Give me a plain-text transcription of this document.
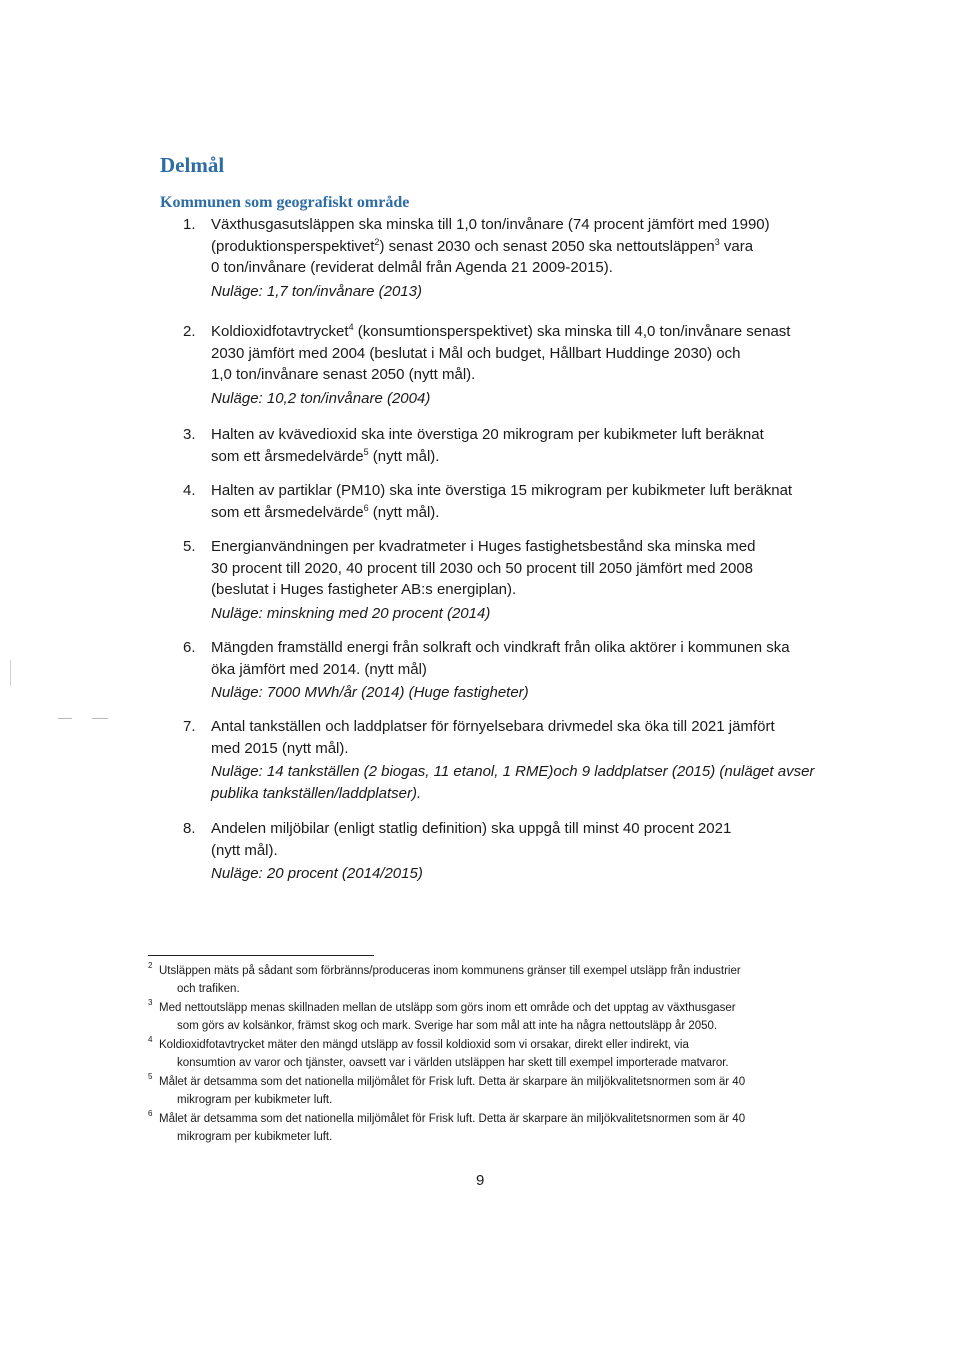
Delmål
Kommunen som geografiskt område
1. Växthusgasutsläppen ska minska till 1,0 ton/invånare (74 procent jämfört med 1990)

(produktionsperspektivet$^2$) senast 2030 och senast 2050 ska nettoutsläppen$^3$ vara

0 ton/invånare (reviderat delmål från Agenda 21 2009-2015).

Nuläge: 1,7 ton/invånare (2013)

2. Koldioxidfotavtrycket$^4$ (konsumtionsperspektivet) ska minska till 4,0 ton/invånare senast

2030 jämfört med 2004 (beslutat i Mål och budget, Hållbart Huddinge 2030) och

1,0 ton/invånare senast 2050 (nytt mål).

Nuläge: 10,2 ton/invånare (2004)

3. Halten av kvävedioxid ska inte överstiga 20 mikrogram per kubikmeter luft beräknat

som ett årsmedelvärde$^5$ (nytt mål).

4. Halten av partiklar (PM10) ska inte överstiga 15 mikrogram per kubikmeter luft beräknat

som ett årsmedelvärde$^6$ (nytt mål).

5. Energianvändningen per kvadratmeter i Huges fastighetsbestånd ska minska med

30 procent till 2020, 40 procent till 2030 och 50 procent till 2050 jämfört med 2008

(beslutat i Huges fastigheter AB:s energiplan).

Nuläge: minskning med 20 procent (2014)

6. Mängden framställd energi från solkraft och vindkraft från olika aktörer i kommunen ska

öka jämfört med 2014. (nytt mål)

Nuläge: 7000 MWh/år (2014) (Huge fastigheter)

7. Antal tankställen och laddplatser för förnyelsebara drivmedel ska öka till 2021 jämfört

med 2015 (nytt mål).

Nuläge: 14 tankställen (2 biogas, 11 etanol, 1 RME)och 9 laddplatser (2015) (nuläget avser publika tankställen/laddplatser).

8. Andelen miljöbilar (enligt statlig definition) ska uppgå till minst 40 procent 2021

(nytt mål).

Nuläge: 20 procent (2014/2015)

2 Utsläppen mäts på sådant som förbränns/produceras inom kommunens gränser till exempel utsläpp från industrier
och trafiken.
3 Med nettoutsläpp menas skillnaden mellan de utsläpp som görs inom ett område och det upptag av växthusgaser
som görs av kolsänkor, främst skog och mark. Sverige har som mål att inte ha några nettoutsläpp år 2050.
4 Koldioxidfotavtrycket mäter den mängd utsläpp av fossil koldioxid som vi orsakar, direkt eller indirekt, via
konsumtion av varor och tjänster, oavsett var i världen utsläppen har skett till exempel importerade matvaror.
5 Målet är detsamma som det nationella miljömålet för Frisk luft. Detta är skarpare än miljökvalitetsnormen som är 40
mikrogram per kubikmeter luft.
6 Målet är detsamma som det nationella miljömålet för Frisk luft. Detta är skarpare än miljökvalitetsnormen som är 40
mikrogram per kubikmeter luft.
9
